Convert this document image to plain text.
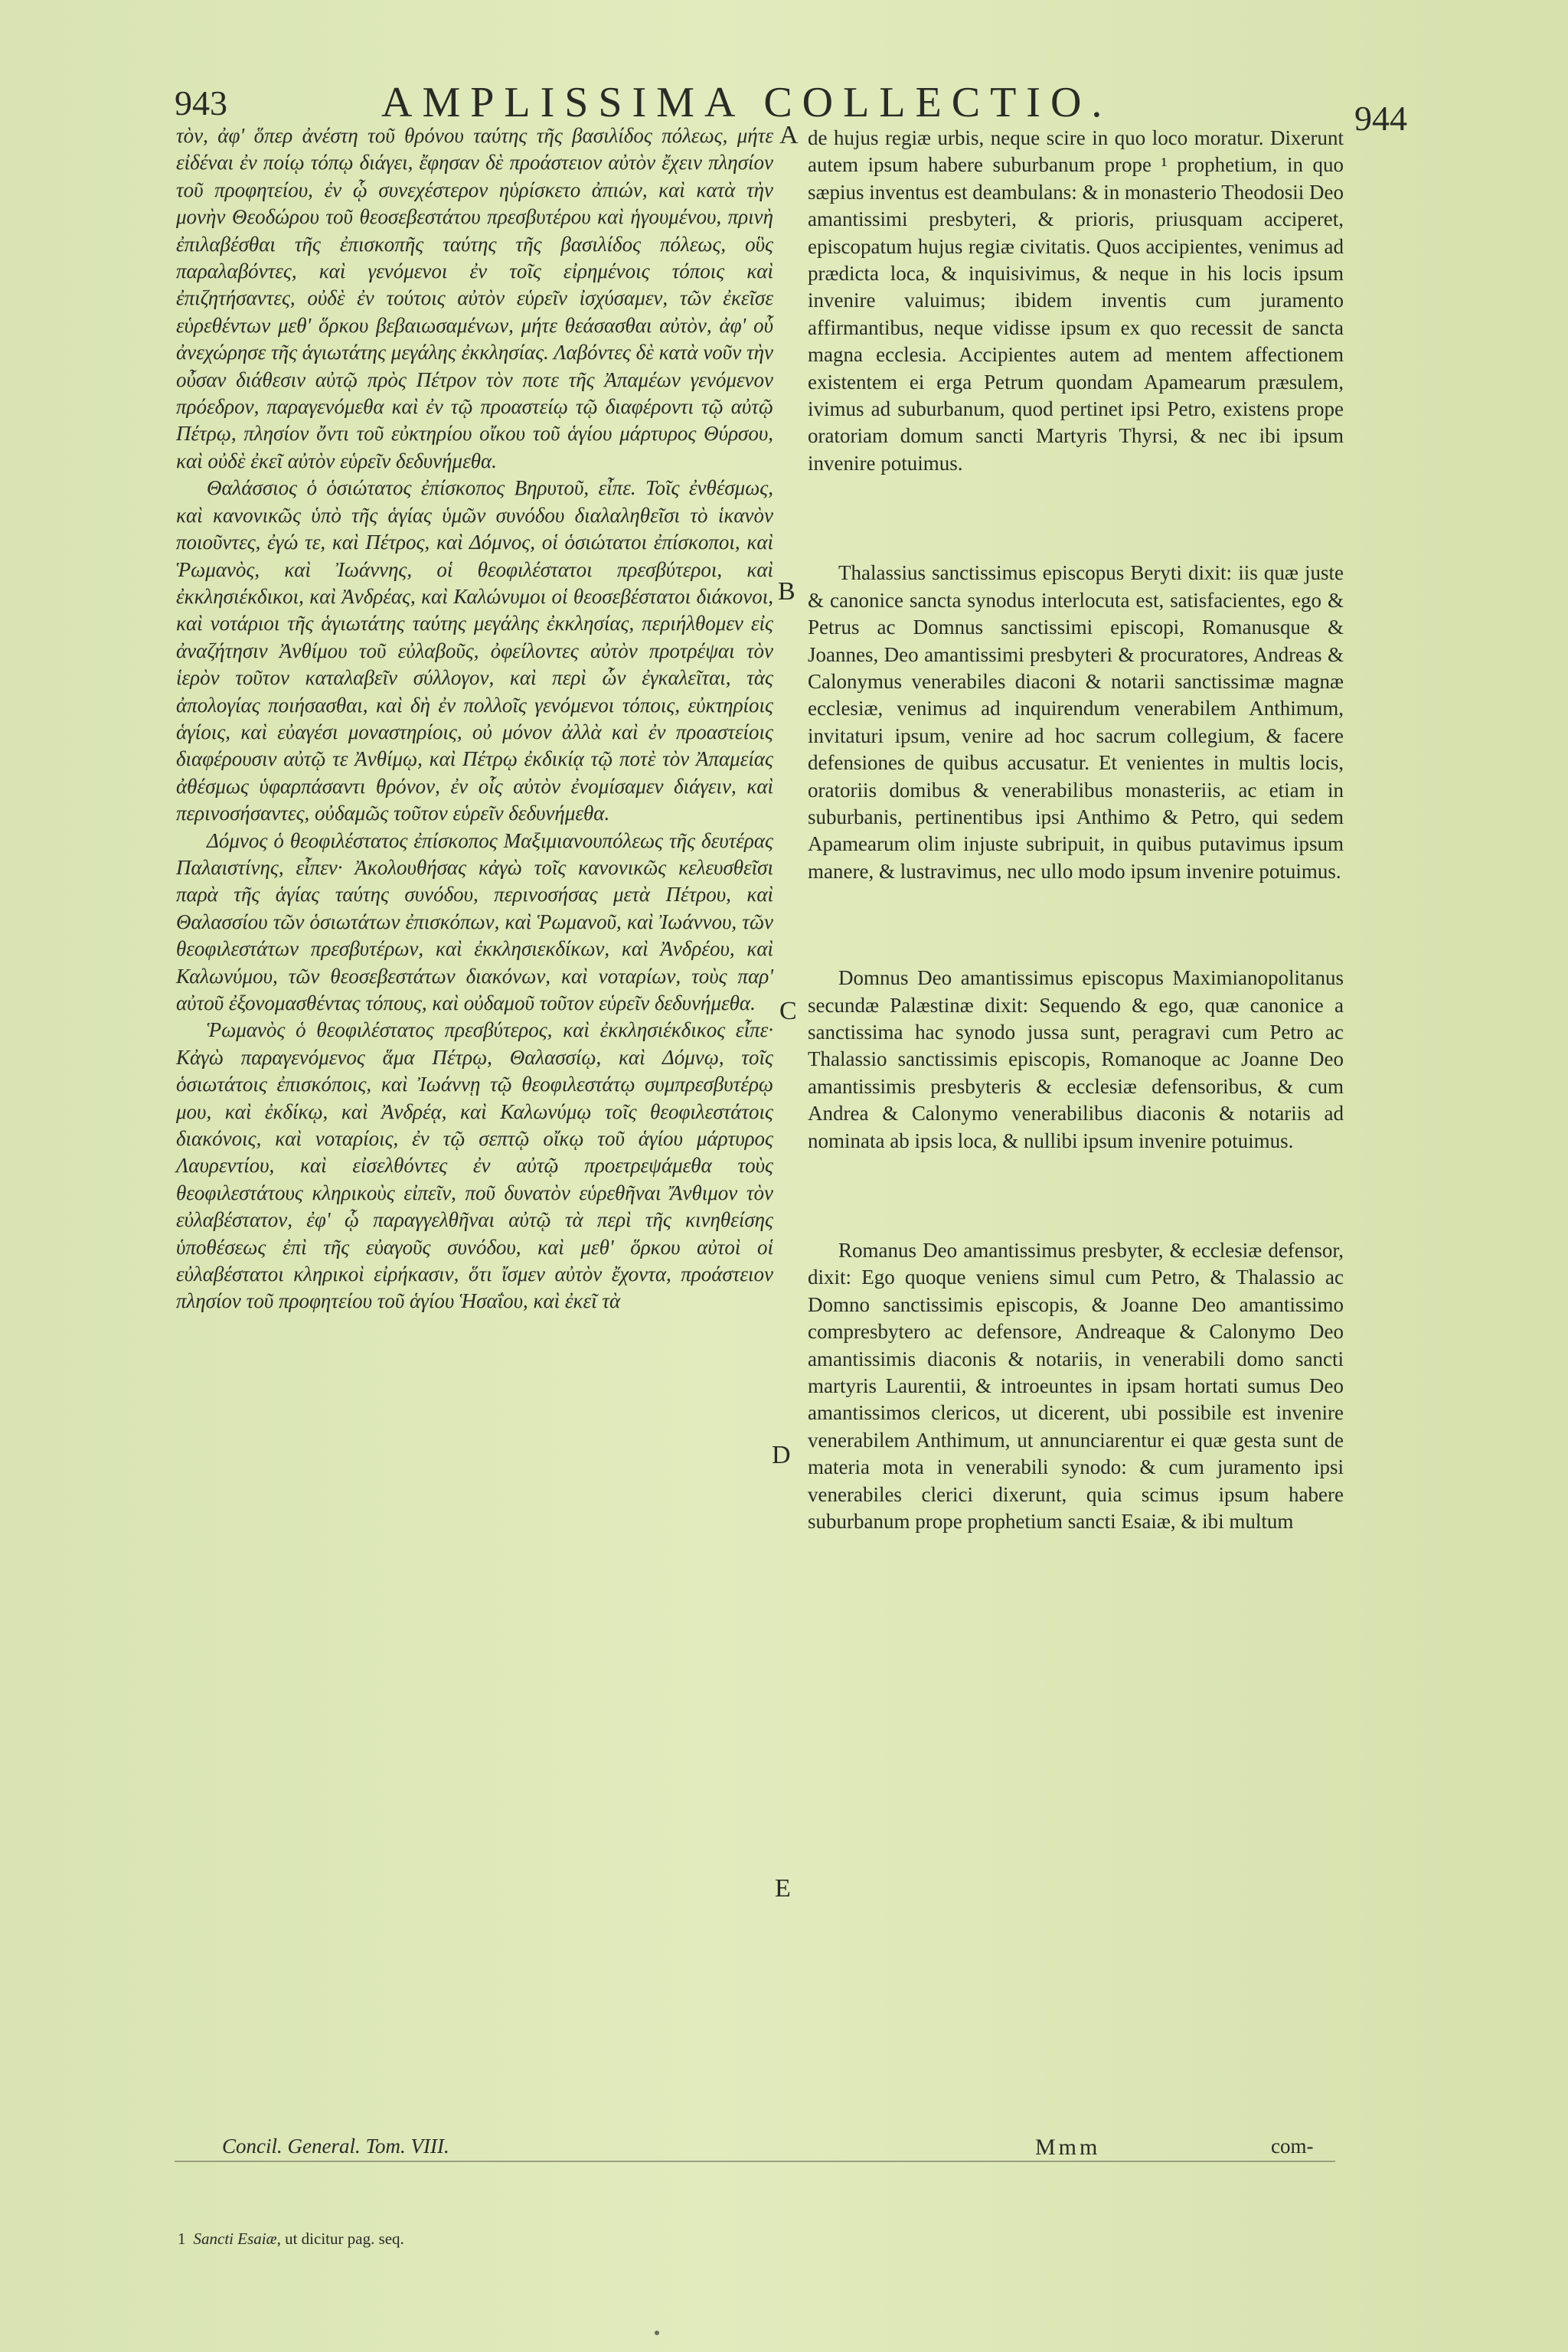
943	AMPLISSIMA COLLECTIO.	944

τὸν, ἀφ' ὅπερ ἀνέστη τοῦ θρόνου ταύτης τῆς βασιλίδος πόλεως, μήτε εἰδέναι ἐν ποίῳ τόπῳ διάγει, ἔφησαν δὲ προάστειον αὐτὸν ἔχειν πλησίον τοῦ προφητείου, ἐν ᾧ συνεχέστερον ηὑρίσκετο ἀπιών, καὶ κατὰ τὴν μονὴν Θεοδώρου τοῦ θεοσεβεστάτου πρεσβυτέρου καὶ ἡγουμένου, πρινὴ ἐπιλαβέσθαι τῆς ἐπισκοπῆς ταύτης τῆς βασιλίδος πόλεως, οὓς παραλαβόντες, καὶ γενόμενοι ἐν τοῖς εἰρημένοις τόποις καὶ ἐπιζητήσαντες, οὐδὲ ἐν τούτοις αὐτὸν εὑρεῖν ἰσχύσαμεν, τῶν ἐκεῖσε εὑρεθέντων μεθ' ὅρκου βεβαιωσαμένων, μήτε θεάσασθαι αὐτὸν, ἀφ' οὗ ἀνεχώρησε τῆς ἁγιωτάτης μεγάλης ἐκκλησίας. Λαβόντες δὲ κατὰ νοῦν τὴν οὖσαν διάθεσιν αὐτῷ πρὸς Πέτρον τὸν ποτε τῆς Ἀπαμέων γενόμενον πρόεδρον, παραγενόμεθα καὶ ἐν τῷ προαστείῳ τῷ διαφέροντι τῷ αὐτῷ Πέτρῳ, πλησίον ὄντι τοῦ εὐκτηρίου οἴκου τοῦ ἁγίου μάρτυρος Θύρσου, καὶ οὐδὲ ἐκεῖ αὐτὸν εὑρεῖν δεδυνήμεθα.

Θαλάσσιος ὁ ὁσιώτατος ἐπίσκοπος Βηρυτοῦ, εἶπε. Τοῖς ἐνθέσμως, καὶ κανονικῶς ὑπὸ τῆς ἁγίας ὑμῶν συνόδου διαλαληθεῖσι τὸ ἱκανὸν ποιοῦντες, ἐγώ τε, καὶ Πέτρος, καὶ Δόμνος, οἱ ὁσιώτατοι ἐπίσκοποι, καὶ Ῥωμανὸς, καὶ Ἰωάννης, οἱ θεοφιλέστατοι πρεσβύτεροι, καὶ ἐκκλησιέκδικοι, καὶ Ἀνδρέας, καὶ Καλώνυμοι οἱ θεοσεβέστατοι διάκονοι, καὶ νοτάριοι τῆς ἁγιωτάτης ταύτης μεγάλης ἐκκλησίας, περιήλθομεν εἰς ἀναζήτησιν Ἀνθίμου τοῦ εὐλαβοῦς, ὀφείλοντες αὐτὸν προτρέψαι τὸν ἱερὸν τοῦτον καταλαβεῖν σύλλογον, καὶ περὶ ὧν ἐγκαλεῖται, τὰς ἀπολογίας ποιήσασθαι, καὶ δὴ ἐν πολλοῖς γενόμενοι τόποις, εὐκτηρίοις ἁγίοις, καὶ εὐαγέσι μοναστηρίοις, οὐ μόνον ἀλλὰ καὶ ἐν προαστείοις διαφέρουσιν αὐτῷ τε Ἀνθίμῳ, καὶ Πέτρῳ ἐκδικίᾳ τῷ ποτὲ τὸν Ἀπαμείας ἀθέσμως ὑφαρπάσαντι θρόνον, ἐν οἷς αὐτὸν ἐνομίσαμεν διάγειν, καὶ περινοσήσαντες, οὐδαμῶς τοῦτον εὑρεῖν δεδυνήμεθα.

Δόμνος ὁ θεοφιλέστατος ἐπίσκοπος Μαξιμιανουπόλεως τῆς δευτέρας Παλαιστίνης, εἶπεν· Ἀκολουθήσας κἀγὼ τοῖς κανονικῶς κελευσθεῖσι παρὰ τῆς ἁγίας ταύτης συνόδου, περινοσήσας μετὰ Πέτρου, καὶ Θαλασσίου τῶν ὁσιωτάτων ἐπισκόπων, καὶ Ῥωμανοῦ, καὶ Ἰωάννου, τῶν θεοφιλεστάτων πρεσβυτέρων, καὶ ἐκκλησιεκδίκων, καὶ Ἀνδρέου, καὶ Καλωνύμου, τῶν θεοσεβεστάτων διακόνων, καὶ νοταρίων, τοὺς παρ' αὐτοῦ ἐξονομασθέντας τόπους, καὶ οὐδαμοῦ τοῦτον εὑρεῖν δεδυνήμεθα.

Ῥωμανὸς ὁ θεοφιλέστατος πρεσβύτερος, καὶ ἐκκλησιέκδικος εἶπε· Κἀγὼ παραγενόμενος ἅμα Πέτρῳ, Θαλασσίῳ, καὶ Δόμνῳ, τοῖς ὁσιωτάτοις ἐπισκόποις, καὶ Ἰωάννῃ τῷ θεοφιλεστάτῳ συμπρεσβυτέρῳ μου, καὶ ἐκδίκῳ, καὶ Ἀνδρέᾳ, καὶ Καλωνύμῳ τοῖς θεοφιλεστάτοις διακόνοις, καὶ νοταρίοις, ἐν τῷ σεπτῷ οἴκῳ τοῦ ἁγίου μάρτυρος Λαυρεντίου, καὶ εἰσελθόντες ἐν αὐτῷ προετρεψάμεθα τοὺς θεοφιλεστάτους κληρικοὺς εἰπεῖν, ποῦ δυνατὸν εὑρεθῆναι Ἄνθιμον τὸν εὐλαβέστατον, ἐφ' ᾧ παραγγελθῆναι αὐτῷ τὰ περὶ τῆς κινηθείσης ὑποθέσεως ἐπὶ τῆς εὐαγοῦς συνόδου, καὶ μεθ' ὅρκου αὐτοὶ οἱ εὐλαβέστατοι κληρικοὶ εἰρήκασιν, ὅτι ἴσμεν αὐτὸν ἔχοντα, προάστειον πλησίον τοῦ προφητείου τοῦ ἁγίου Ἡσαΐου, καὶ ἐκεῖ τὰ

de hujus regiæ urbis, neque scire in quo loco moratur. Dixerunt autem ipsum habere suburbanum prope ¹ prophetium, in quo sæpius inventus est deambulans: & in monasterio Theodosii Deo amantissimi presbyteri, & prioris, priusquam acciperet, episcopatum hujus regiæ civitatis. Quos accipientes, venimus ad prædicta loca, & inquisivimus, & neque in his locis ipsum invenire valuimus; ibidem inventis cum juramento affirmantibus, neque vidisse ipsum ex quo recessit de sancta magna ecclesia. Accipientes autem ad mentem affectionem existentem ei erga Petrum quondam Apamearum præsulem, ivimus ad suburbanum, quod pertinet ipsi Petro, existens prope oratoriam domum sancti Martyris Thyrsi, & nec ibi ipsum invenire potuimus.

Thalassius sanctissimus episcopus Beryti dixit: iis quæ juste & canonice sancta synodus interlocuta est, satisfacientes, ego & Petrus ac Domnus sanctissimi episcopi, Romanusque & Joannes, Deo amantissimi presbyteri & procuratores, Andreas & Calonymus venerabiles diaconi & notarii sanctissimæ magnæ ecclesiæ, venimus ad inquirendum venerabilem Anthimum, invitaturi ipsum, venire ad hoc sacrum collegium, & facere defensiones de quibus accusatur. Et venientes in multis locis, oratoriis domibus & venerabilibus monasteriis, ac etiam in suburbanis, pertinentibus ipsi Anthimo & Petro, qui sedem Apamearum olim injuste subripuit, in quibus putavimus ipsum manere, & lustravimus, nec ullo modo ipsum invenire potuimus.

Domnus Deo amantissimus episcopus Maximianopolitanus secundæ Palæstinæ dixit: Sequendo & ego, quæ canonice a sanctissima hac synodo jussa sunt, peragravi cum Petro ac Thalassio sanctissimis episcopis, Romanoque ac Joanne Deo amantissimis presbyteris & ecclesiæ defensoribus, & cum Andrea & Calonymo venerabilibus diaconis & notariis ad nominata ab ipsis loca, & nullibi ipsum invenire potuimus.

Romanus Deo amantissimus presbyter, & ecclesiæ defensor, dixit: Ego quoque veniens simul cum Petro, & Thalassio ac Domno sanctissimis episcopis, & Joanne Deo amantissimo compresbytero ac defensore, Andreaque & Calonymo Deo amantissimis diaconis & notariis, in venerabili domo sancti martyris Laurentii, & introeuntes in ipsam hortati sumus Deo amantissimos clericos, ut dicerent, ubi possibile est invenire venerabilem Anthimum, ut annunciarentur ei quæ gesta sunt de materia mota in venerabili synodo: & cum juramento ipsi venerabiles clerici dixerunt, quia scimus ipsum habere suburbanum prope prophetium sancti Esaiæ, & ibi multum

A
B
C
D
E
Concil. General. Tom. VIII.	Mmm	com-
1 Sancti Esaiæ, ut dicitur pag. seq.
